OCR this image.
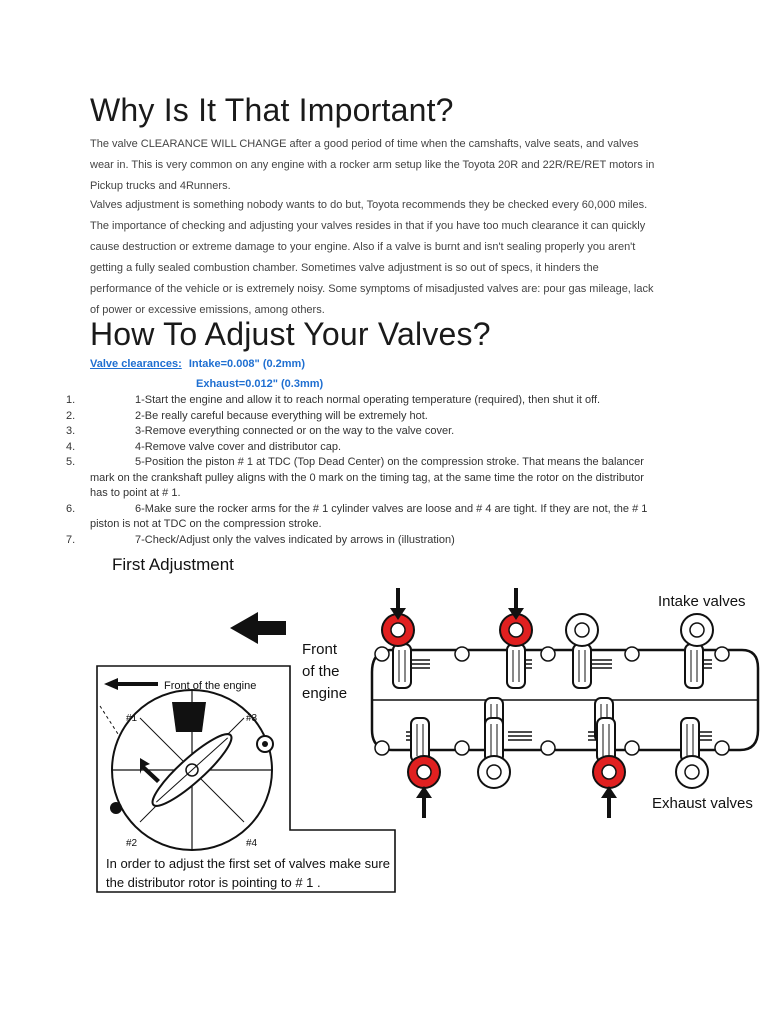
Why Is It That Important?
The valve CLEARANCE WILL CHANGE after a good period of time when the camshafts, valve seats, and valves
wear in. This is very common on any engine with a rocker arm setup like the Toyota 20R and 22R/RE/RET motors in
Pickup trucks and 4Runners.
Valves adjustment is something nobody wants to do but, Toyota recommends they be checked every 60,000 miles.
The importance of checking and adjusting your valves resides in that if you have too much clearance it can quickly
cause destruction or extreme damage to your engine. Also if a valve is burnt and isn't sealing properly you aren't
getting a fully sealed combustion chamber. Sometimes valve adjustment is so out of specs, it hinders the
performance of the vehicle or is extremely noisy. Some symptoms of misadjusted valves are: pour gas mileage, lack
of power or excessive emissions, among others.
How To Adjust Your Valves?
Valve clearances: Intake=0.008" (0.2mm)
Exhaust=0.012" (0.3mm)
1.	1-Start the engine and allow it to reach normal operating temperature (required), then shut it off.
2.	2-Be really careful because everything will be extremely hot.
3.	3-Remove everything connected or on the way to the valve cover.
4.	4-Remove valve cover and distributor cap.
5.	5-Position the piston # 1 at TDC (Top Dead Center) on the compression stroke. That means the balancer
mark on the crankshaft pulley aligns with the 0 mark on the timing tag, at the same time the rotor on the distributor
has to point at # 1.
6.	6-Make sure the rocker arms for the # 1 cylinder valves are loose and # 4 are tight. If they are not, the # 1
piston is not at TDC on the compression stroke.
7.	7-Check/Adjust only the valves indicated by arrows in (illustration)
First Adjustment
Front
of the
engine
Intake valves
Exhaust valves
Front of the engine
#1	#3
#2	#4
In order to adjust the first set of valves make sure
the distributor rotor is pointing to # 1 .
